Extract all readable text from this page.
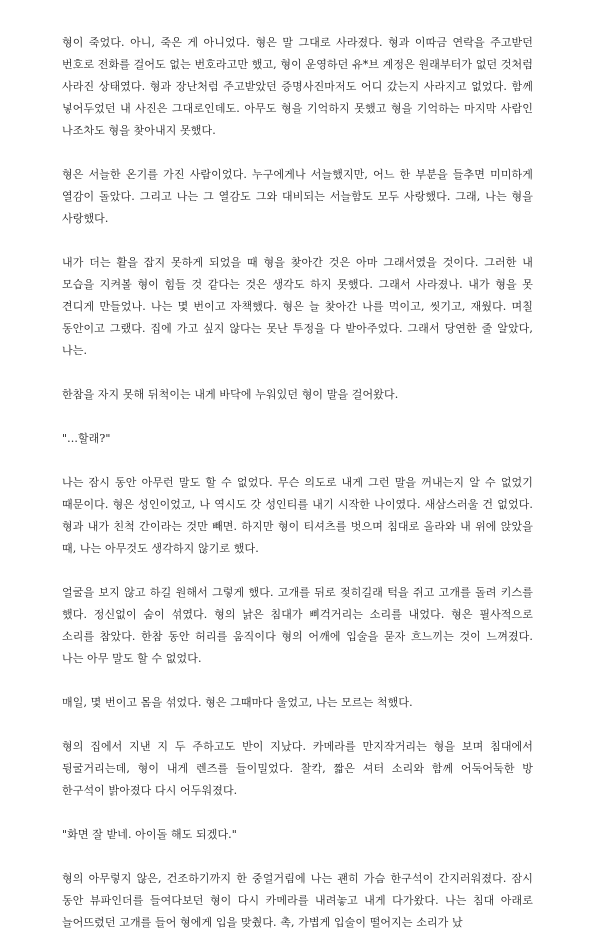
형이 죽었다. 아니, 죽은 게 아니었다. 형은 말 그대로 사라졌다. 형과 이따금 연락을 주고받던 번호로 전화를 걸어도 없는 번호라고만 했고, 형이 운영하던 유*브 계정은 원래부터가 없던 것처럼 사라진 상태였다. 형과 장난처럼 주고받았던 증명사진마저도 어디 갔는지 사라지고 없었다. 함께 넣어두었던 내 사진은 그대로인데도. 아무도 형을 기억하지 못했고 형을 기억하는 마지막 사람인 나조차도 형을 찾아내지 못했다.

형은 서늘한 온기를 가진 사람이었다. 누구에게나 서늘했지만, 어느 한 부분을 들추면 미미하게 열감이 돌았다. 그리고 나는 그 열감도 그와 대비되는 서늘함도 모두 사랑했다. 그래, 나는 형을 사랑했다.

내가 더는 활을 잡지 못하게 되었을 때 형을 찾아간 것은 아마 그래서였을 것이다. 그러한 내 모습을 지켜볼 형이 힘들 것 같다는 것은 생각도 하지 못했다. 그래서 사라졌나. 내가 형을 못 견디게 만들었나. 나는 몇 번이고 자책했다. 형은 늘 찾아간 나를 먹이고, 씻기고, 재웠다. 며칠 동안이고 그랬다. 집에 가고 싶지 않다는 못난 투정을 다 받아주었다. 그래서 당연한 줄 알았다, 나는.

한참을 자지 못해 뒤척이는 내게 바닥에 누워있던 형이 말을 걸어왔다.

"...할래?"

나는 잠시 동안 아무런 말도 할 수 없었다. 무슨 의도로 내게 그런 말을 꺼내는지 알 수 없었기 때문이다. 형은 성인이었고, 나 역시도 갓 성인티를 내기 시작한 나이였다. 새삼스러울 건 없었다. 형과 내가 친척 간이라는 것만 빼면. 하지만 형이 티셔츠를 벗으며 침대로 올라와 내 위에 앉았을 때, 나는 아무것도 생각하지 않기로 했다.

얼굴을 보지 않고 하길 원해서 그렇게 했다. 고개를 뒤로 젖히길래 턱을 쥐고 고개를 돌려 키스를 했다. 정신없이 숨이 섞였다. 형의 낡은 침대가 삐걱거리는 소리를 내었다. 형은 필사적으로 소리를 참았다. 한참 동안 허리를 움직이다 형의 어깨에 입술을 묻자 흐느끼는 것이 느껴졌다. 나는 아무 말도 할 수 없었다.

매일, 몇 번이고 몸을 섞었다. 형은 그때마다 울었고, 나는 모르는 척했다.

형의 집에서 지낸 지 두 주하고도 반이 지났다. 카메라를 만지작거리는 형을 보며 침대에서 뒹굴거리는데, 형이 내게 렌즈를 들이밀었다. 찰칵, 짧은 셔터 소리와 함께 어둑어둑한 방 한구석이 밝아졌다 다시 어두워졌다.

"화면 잘 받네. 아이돌 해도 되겠다."

형의 아무렇지 않은, 건조하기까지 한 중얼거림에 나는 괜히 가슴 한구석이 간지러워졌다. 잠시 동안 뷰파인더를 들여다보던 형이 다시 카메라를 내려놓고 내게 다가왔다. 나는 침대 아래로 늘어뜨렸던 고개를 들어 형에게 입을 맞췄다. 촉, 가볍게 입술이 떨어지는 소리가 났
